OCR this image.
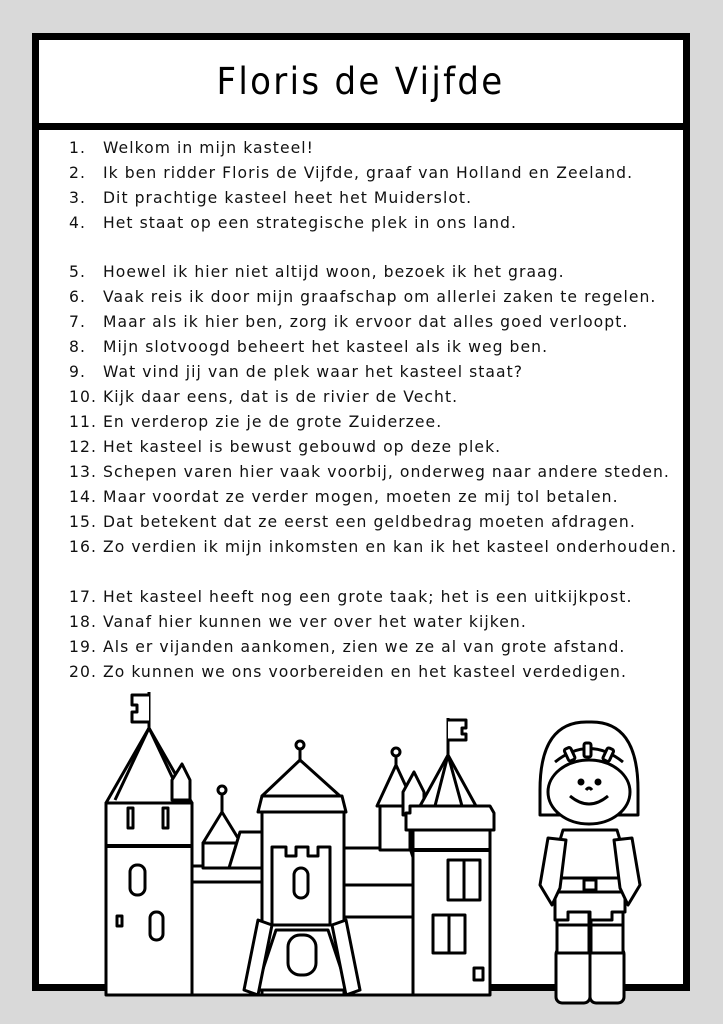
Floris de Vijfde
1.	Welkom in mijn kasteel!
2.	Ik ben ridder Floris de Vijfde, graaf van Holland en Zeeland.
3.	Dit prachtige kasteel heet het Muiderslot.
4.	Het staat op een strategische plek in ons land.
5.	Hoewel ik hier niet altijd woon, bezoek ik het graag.
6.	Vaak reis ik door mijn graafschap om allerlei zaken te regelen.
7.	Maar als ik hier ben, zorg ik ervoor dat alles goed verloopt.
8.	Mijn slotvoogd beheert het kasteel als ik weg ben.
9.	Wat vind jij van de plek waar het kasteel staat?
10. Kijk daar eens, dat is de rivier de Vecht.
11. En verderop zie je de grote Zuiderzee.
12. Het kasteel is bewust gebouwd op deze plek.
13. Schepen varen hier vaak voorbij, onderweg naar andere steden.
14. Maar voordat ze verder mogen, moeten ze mij tol betalen.
15. Dat betekent dat ze eerst een geldbedrag moeten afdragen.
16. Zo verdien ik mijn inkomsten en kan ik het kasteel onderhouden.
17. Het kasteel heeft nog een grote taak; het is een uitkijkpost.
18. Vanaf hier kunnen we ver over het water kijken.
19. Als er vijanden aankomen, zien we ze al van grote afstand.
20. Zo kunnen we ons voorbereiden en het kasteel verdedigen.
